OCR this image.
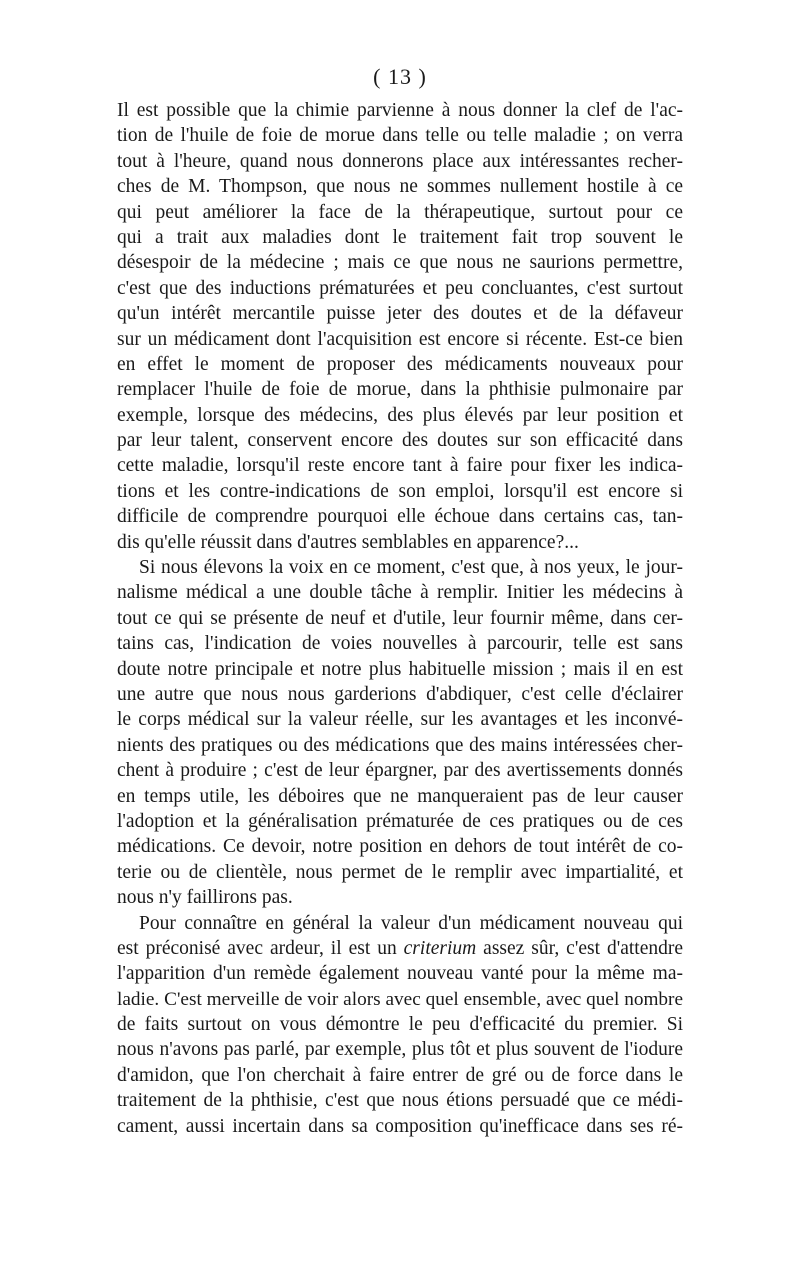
( 13 )
Il est possible que la chimie parvienne à nous donner la clef de l'ac-
tion de l'huile de foie de morue dans telle ou telle maladie ; on verra
tout à l'heure, quand nous donnerons place aux intéressantes recher-
ches de M. Thompson, que nous ne sommes nullement hostile à ce
qui peut améliorer la face de la thérapeutique, surtout pour ce
qui a trait aux maladies dont le traitement fait trop souvent le
désespoir de la médecine ; mais ce que nous ne saurions permettre,
c'est que des inductions prématurées et peu concluantes, c'est surtout
qu'un intérêt mercantile puisse jeter des doutes et de la défaveur
sur un médicament dont l'acquisition est encore si récente. Est-ce bien
en effet le moment de proposer des médicaments nouveaux pour
remplacer l'huile de foie de morue, dans la phthisie pulmonaire par
exemple, lorsque des médecins, des plus élevés par leur position et
par leur talent, conservent encore des doutes sur son efficacité dans
cette maladie, lorsqu'il reste encore tant à faire pour fixer les indica-
tions et les contre-indications de son emploi, lorsqu'il est encore si
difficile de comprendre pourquoi elle échoue dans certains cas, tan-
dis qu'elle réussit dans d'autres semblables en apparence?...
Si nous élevons la voix en ce moment, c'est que, à nos yeux, le jour-
nalisme médical a une double tâche à remplir. Initier les médecins à
tout ce qui se présente de neuf et d'utile, leur fournir même, dans cer-
tains cas, l'indication de voies nouvelles à parcourir, telle est sans
doute notre principale et notre plus habituelle mission ; mais il en est
une autre que nous nous garderions d'abdiquer, c'est celle d'éclairer
le corps médical sur la valeur réelle, sur les avantages et les inconvé-
nients des pratiques ou des médications que des mains intéressées cher-
chent à produire ; c'est de leur épargner, par des avertissements donnés
en temps utile, les déboires que ne manqueraient pas de leur causer
l'adoption et la généralisation prématurée de ces pratiques ou de ces
médications. Ce devoir, notre position en dehors de tout intérêt de co-
terie ou de clientèle, nous permet de le remplir avec impartialité, et
nous n'y faillirons pas.
Pour connaître en général la valeur d'un médicament nouveau qui
est préconisé avec ardeur, il est un criterium assez sûr, c'est d'attendre
l'apparition d'un remède également nouveau vanté pour la même ma-
ladie. C'est merveille de voir alors avec quel ensemble, avec quel nombre
de faits surtout on vous démontre le peu d'efficacité du premier. Si
nous n'avons pas parlé, par exemple, plus tôt et plus souvent de l'iodure
d'amidon, que l'on cherchait à faire entrer de gré ou de force dans le
traitement de la phthisie, c'est que nous étions persuadé que ce médi-
cament, aussi incertain dans sa composition qu'inefficace dans ses ré-
